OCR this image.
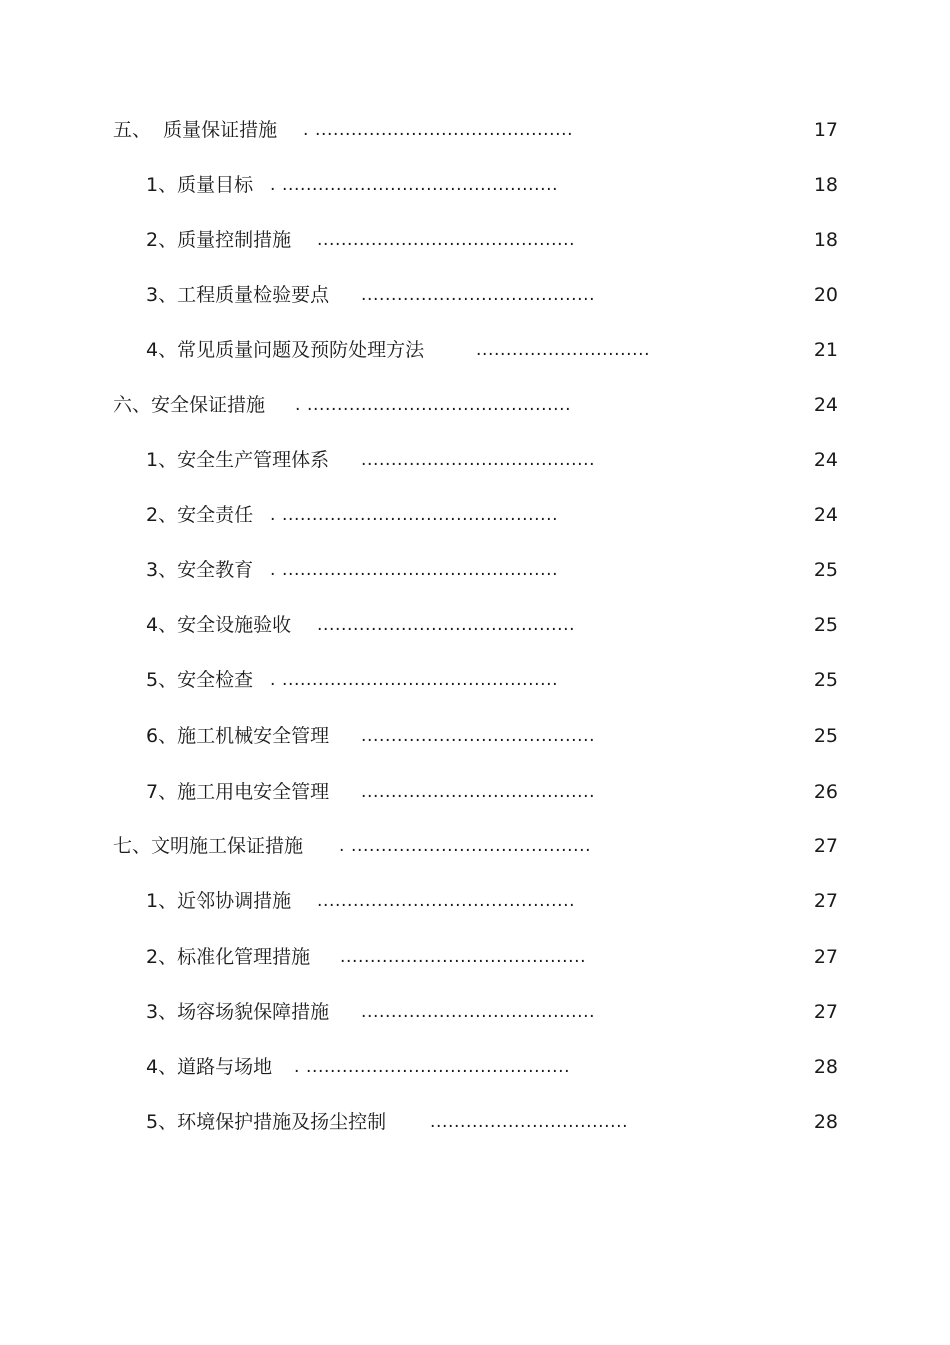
五、  质量保证措施 . ...........................................	17
1、质量目标 . ..............................................	18
2、质量控制措施 ...........................................	18
3、工程质量检验要点 .......................................	20
4、常见质量问题及预防处理方法	.............................	21
六、安全保证措施 . ............................................	24
1、安全生产管理体系 .......................................	24
2、安全责任 . ..............................................	24
3、安全教育 . ..............................................	25
4、安全设施验收 ...........................................	25
5、安全检查 . ..............................................	25
6、施工机械安全管理 .......................................	25
7、施工用电安全管理 .......................................	26
七、文明施工保证措施 . ........................................	27
1、近邻协调措施 ...........................................	27
2、标准化管理措施 .........................................	27
3、场容场貌保障措施 .......................................	27
4、道路与场地 . ............................................	28
5、环境保护措施及扬尘控制	.................................	28
